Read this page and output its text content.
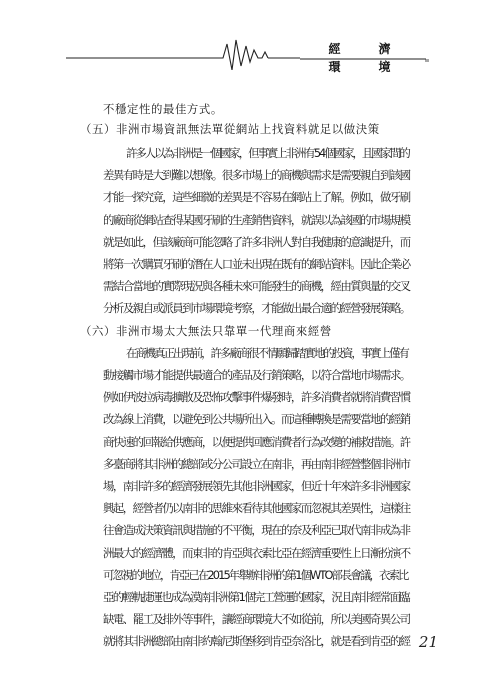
經　濟　環　境
不穩定性的最佳方式。
（五）非洲市場資訊無法單從網站上找資料就足以做決策
許多人以為非洲是一個國家，但事實上非洲有54個國家，且國家間的
差異有時是大到難以想像。很多市場上的商機與需求是需要親自到該國
才能一探究竟，這些細微的差異是不容易在網站上了解。例如，做牙刷
的廠商從網站查得某國牙刷的生產銷售資料，就誤以為該國的市場規模
就是如此，但該廠商可能忽略了許多非洲人對自我健康的意識提升，而
將第一次購買牙刷的潛在人口並未出現在既有的網站資料。因此企業必
需結合當地的實際現況與各種未來可能發生的商機，經由質與量的交叉
分析及親自或派員到市場環境考察，才能做出最合適的經營發展策略。
（六）非洲市場太大無法只靠單一代理商來經營
在商機真正出現前，許多廠商很不情願歸踏實地的投資，事實上僅有
動接觸市場才能提供最適合的產品及行銷策略，以符合當地市場需求。
例如伊波拉病毒擴散及恐怖攻擊事件爆發時，許多消費者就將消費習慣
改為線上消費，以避免到公共場所出入。而這種轉換是需要當地的經銷
商快速的回報給供應商，以便提供回應消費者行為改變的補救措施。許
多臺商將其非洲的總部或分公司設立在南非，再由南非經營整個非洲市
場，南非許多的經濟發展領先其他非洲國家，但近十年來許多非洲國家
興起，經營者仍以南非的思維來看待其他國家而忽視其差異性，這樣往
往會造成決策資訊與措施的不平衡，現在的奈及利亞已取代南非成為非
洲最大的經濟體，而東非的肯亞與衣索比亞在經濟重要性上日漸扮演不
可忽視的地位，肯亞已在2015年舉辦非洲的第1個WTO部長會議，衣索比
亞的輕軌捷運也成為漠南非洲第1個完工營運的國家，況且南非經常面臨
缺電、罷工及排外等事件，讓經商環境大不如從前，所以美國奇異公司
就將其非洲總部由南非約翰尼斯堡移到肯亞奈洛比，就是看到肯亞的經 21
